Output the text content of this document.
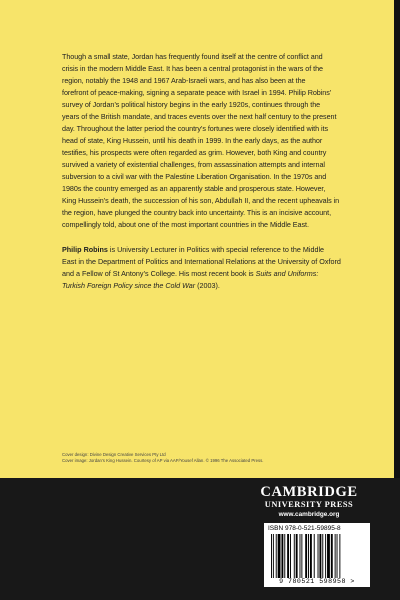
Though a small state, Jordan has frequently found itself at the centre of conflict and
crisis in the modern Middle East. It has been a central protagonist in the wars of the
region, notably the 1948 and 1967 Arab-Israeli wars, and has also been at the
forefront of peace-making, signing a separate peace with Israel in 1994. Philip Robins’
survey of Jordan’s political history begins in the early 1920s, continues through the
years of the British mandate, and traces events over the next half century to the present
day. Throughout the latter period the country’s fortunes were closely identified with its
head of state, King Hussein, until his death in 1999. In the early days, as the author
testifies, his prospects were often regarded as grim. However, both King and country
survived a variety of existential challenges, from assassination attempts and internal
subversion to a civil war with the Palestine Liberation Organisation. In the 1970s and
1980s the country emerged as an apparently stable and prosperous state. However,
King Hussein’s death, the succession of his son, Abdullah II, and the recent upheavals in
the region, have plunged the country back into uncertainty. This is an incisive account,
compellingly told, about one of the most important countries in the Middle East.

Philip Robins is University Lecturer in Politics with special reference to the Middle
East in the Department of Politics and International Relations at the University of Oxford
and a Fellow of St Antony’s College. His most recent book is Suits and Uniforms:
Turkish Foreign Policy since the Cold War (2003).

Cover design: Divine Design Creative Services Pty Ltd
Cover image: Jordan’s King Hussein. Courtesy of AP via AAP/Yousef Allan. © 1996 The Associated Press.
CAMBRIDGE
UNIVERSITY PRESS
www.cambridge.org
ISBN 978-0-521-59895-8
9 780521 598958 >
